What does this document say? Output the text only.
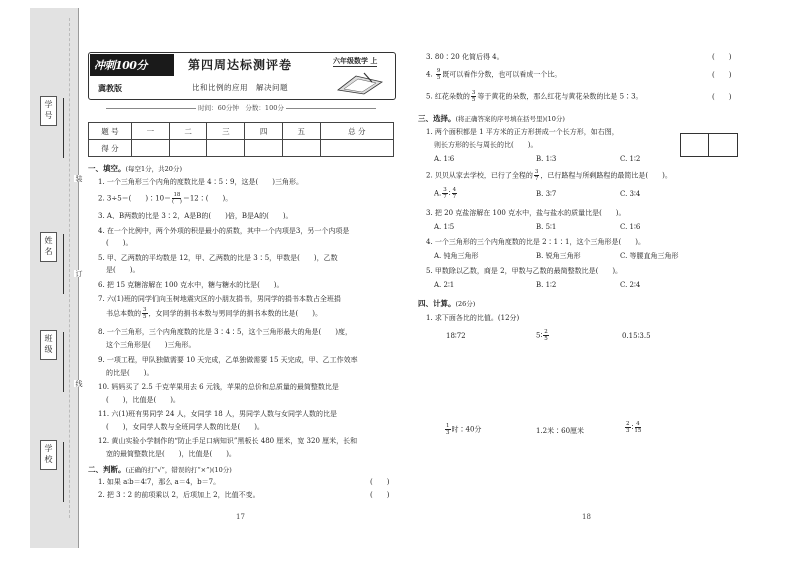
学号
姓名
班级
学校
装
订
线
冲刺100分
冀教版
第四周达标测评卷
比和比例的应用　解决问题
六年级数学 上
时间：60分钟　分数：100分
题 号	一	二	三	四	五	总 分
得 分						
一、填空。(每空1分，共20分)
1. 一个三角形三个内角的度数比是 4∶5∶9，这是(　　)三角形。
2. 3÷5＝(　　)∶10＝ $\frac{18}{( )}$ ＝12∶(　　)。
3. A、B两数的比是 3∶2，A是B的(　　)倍，B是A的(　　)。
4. 在一个比例中，两个外项的积是最小的质数，其中一个内项是3，另一个内项是
(　　)。
5. 甲、乙两数的平均数是 12，甲、乙两数的比是 3∶5，甲数是(　　)，乙数
是(　　)。
6. 把 15 克糖溶解在 100 克水中，糖与糖水的比是(　　)。
7. 六(1)班的同学们向玉树地震灾区的小朋友捐书，男同学的捐书本数占全班捐
书总本数的 $\frac{3}{5}$ ，女同学的捐书本数与男同学的捐书本数的比是(　　)。
8. 一个三角形，三个内角度数的比是 3∶4∶5，这个三角形最大的角是(　　)度，
这个三角形是(　　)三角形。
9. 一项工程，甲队独做需要 10 天完成，乙单独做需要 15 天完成，甲、乙工作效率
的比是(　　)。
10. 妈妈买了 2.5 千克苹果用去 6 元钱，苹果的总价和总质量的最简整数比是
(　　)，比值是(　　)。
11. 六(1)班有男同学 24 人，女同学 18 人，男同学人数与女同学人数的比是
(　　)，女同学人数与全班同学人数的比是(　　)。
12. 黄山实验小学制作的“防止手足口病知识”黑板长 480 厘米，宽 320 厘米，长和
宽的最简整数比是(　　)，比值是(　　)。
二、判断。(正确的打“√”，错误的打“×”)(10分)
1. 如果 a∶b＝4∶7，那么 a＝4，b＝7。	(　　)
2. 把 3∶2 的前项乘以 2，后项加上 2，比值不变。	(　　)
17
3. 80∶20 化简后得 4。	(　　)
4. $\frac{9}{5}$ 既可以看作分数，也可以看成一个比。	(　　)
5. 红花朵数的 $\frac{3}{5}$ 等于黄花的朵数，那么红花与黄花朵数的比是 5∶3。	(　　)
三、选择。(将正确答案的序号填在括号里)(10分)
1. 两个面积都是 1 平方米的正方形拼成一个长方形，如右图，
则长方形的长与周长的比(　　)。
A. 1∶6	B. 1∶3	C. 1∶2
2. 贝贝从家去学校，已行了全程的 $\frac{3}{7}$ ，已行路程与所剩路程的最简比是(　　)。
A. $\frac{3}{7}$ ∶ $\frac{4}{7}$	B. 3∶7	C. 3∶4
3. 把 20 克盐溶解在 100 克水中，盐与盐水的质量比是(　　)。
A. 1∶5	B. 5∶1	C. 1∶6
4. 一个三角形的三个内角度数的比是 2∶1∶1，这个三角形是(　　)。
A. 钝角三角形	B. 锐角三角形	C. 等腰直角三角形
5. 甲数除以乙数，商是 2，甲数与乙数的最简整数比是(　　)。
A. 2∶1	B. 1∶2	C. 2∶4
四、计算。(26分)
1. 求下面各比的比值。(12分)
18∶72	5∶ $\frac{2}{5}$	0.15∶3.5
$\frac{1}{3}$ 时∶40分	1.2米∶60厘米	$\frac{2}{3}$ ∶ $\frac{4}{15}$
18
